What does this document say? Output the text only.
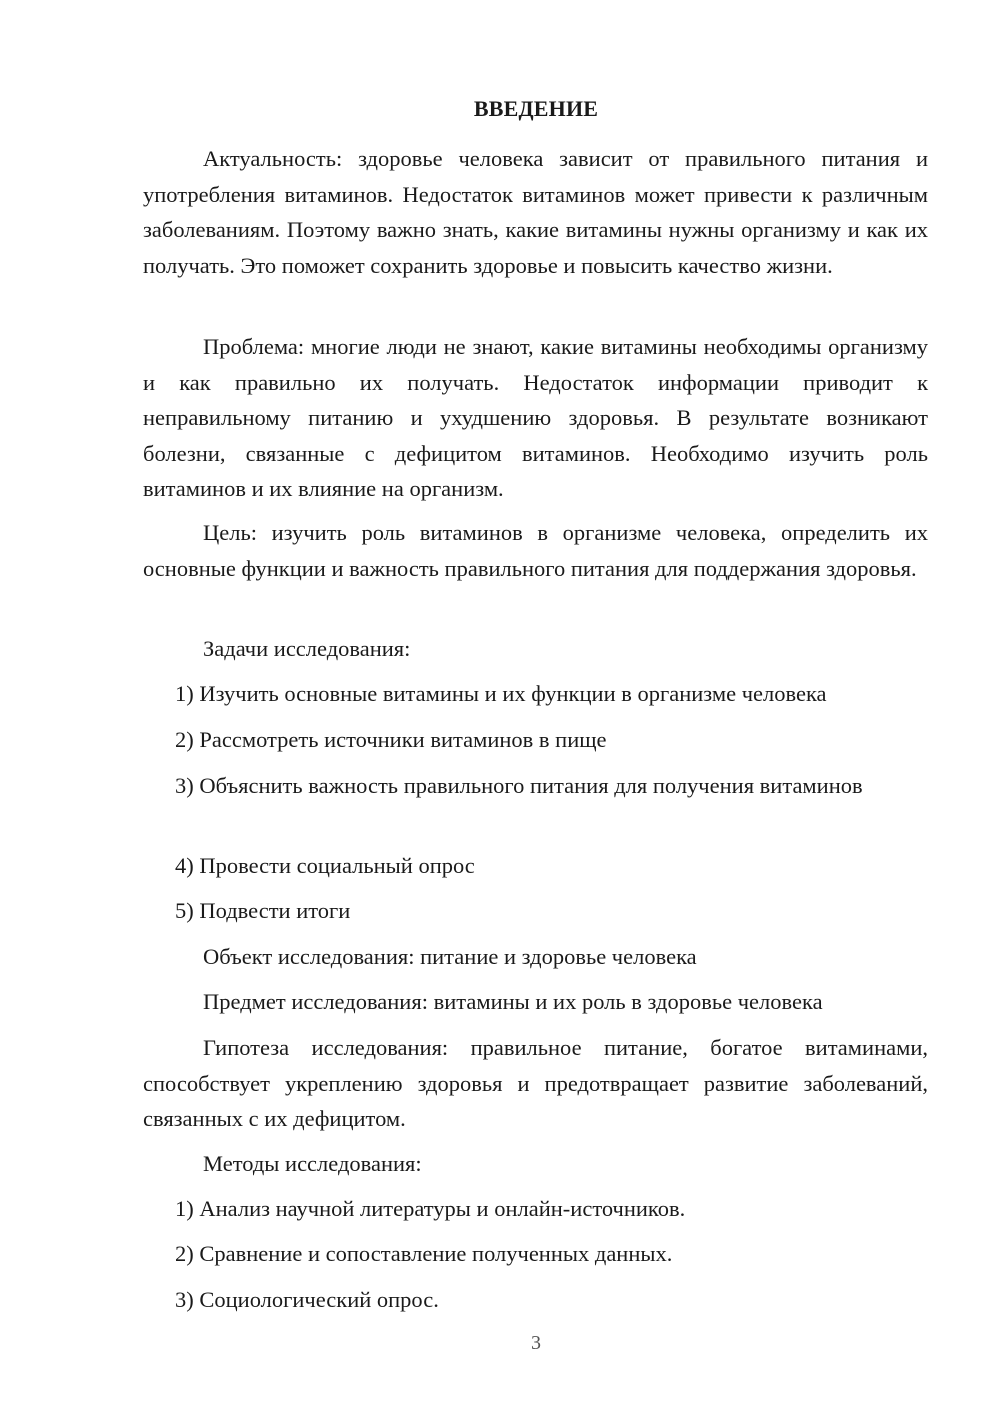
ВВЕДЕНИЕ

Актуальность: здоровье человека зависит от правильного питания и употребления витаминов. Недостаток витаминов может привести к различным заболеваниям. Поэтому важно знать, какие витамины нужны организму и как их получать. Это поможет сохранить здоровье и повысить качество жизни.

Проблема: многие люди не знают, какие витамины необходимы организму и как правильно их получать. Недостаток информации приводит к неправильному питанию и ухудшению здоровья. В результате возникают болезни, связанные с дефицитом витаминов. Необходимо изучить роль витаминов и их влияние на организм.

Цель: изучить роль витаминов в организме человека, определить их основные функции и важность правильного питания для поддержания здоровья.

Задачи исследования:

1) Изучить основные витамины и их функции в организме человека

2) Рассмотреть источники витаминов в пище

3) Объяснить важность правильного питания для получения витаминов

4) Провести социальный опрос

5) Подвести итоги

Объект исследования: питание и здоровье человека

Предмет исследования: витамины и их роль в здоровье человека

Гипотеза исследования: правильное питание, богатое витаминами, способствует укреплению здоровья и предотвращает развитие заболеваний, связанных с их дефицитом.

Методы исследования:

1) Анализ научной литературы и онлайн-источников.

2) Сравнение и сопоставление полученных данных.

3) Социологический опрос.

3
